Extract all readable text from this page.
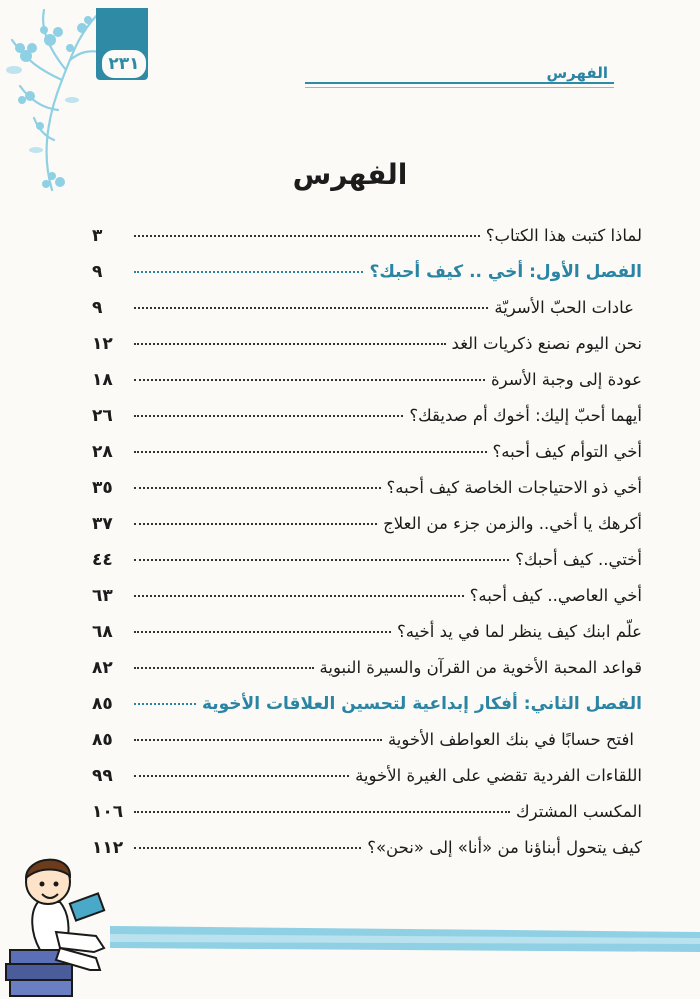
٢٣١	الفهرس
الفهرس
لماذا كتبت هذا الكتاب؟
٣
الفصل الأول: أخي .. كيف أحبك؟
٩
عادات الحبّ الأسريّة
٩
نحن اليوم نصنع ذكريات الغد
١٢
عودة إلى وجبة الأسرة
١٨
أيهما أحبّ إليك: أخوك أم صديقك؟
٢٦
أخي التوأم كيف أحبه؟
٢٨
أخي ذو الاحتياجات الخاصة كيف أحبه؟
٣٥
أكرهك يا أخي.. والزمن جزء من العلاج
٣٧
أختي.. كيف أحبك؟
٤٤
أخي العاصي.. كيف أحبه؟
٦٣
علّم ابنك كيف ينظر لما في يد أخيه؟
٦٨
قواعد المحبة الأخوية من القرآن والسيرة النبوية
٨٢
الفصل الثاني: أفكار إبداعية لتحسين العلاقات الأخوية
٨٥
افتح حسابًا في بنك العواطف الأخوية
٨٥
اللقاءات الفردية تقضي على الغيرة الأخوية
٩٩
المكسب المشترك
١٠٦
كيف يتحول أبناؤنا من «أنا» إلى «نحن»؟
١١٢
